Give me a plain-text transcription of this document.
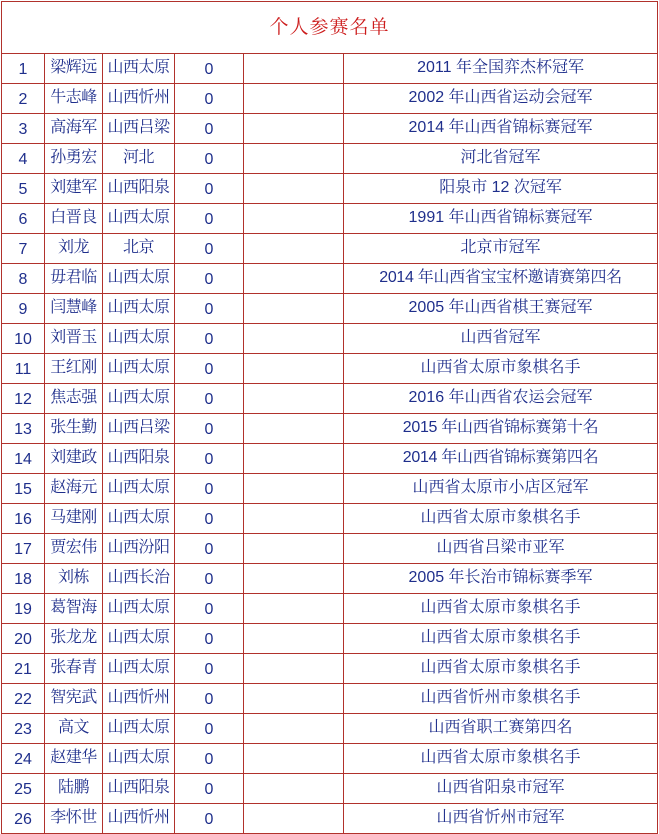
个人参赛名单					
1	梁辉远	山西太原	0		2011 年全国弈杰杯冠军
2	牛志峰	山西忻州	0		2002 年山西省运动会冠军
3	高海军	山西吕梁	0		2014 年山西省锦标赛冠军
4	孙勇宏	河北	0		河北省冠军
5	刘建军	山西阳泉	0		阳泉市 12 次冠军
6	白晋良	山西太原	0		1991 年山西省锦标赛冠军
7	刘龙	北京	0		北京市冠军
8	毋君临	山西太原	0		2014 年山西省宝宝杯邀请赛第四名
9	闫慧峰	山西太原	0		2005 年山西省棋王赛冠军
10	刘晋玉	山西太原	0		山西省冠军
11	王红刚	山西太原	0		山西省太原市象棋名手
12	焦志强	山西太原	0		2016 年山西省农运会冠军
13	张生勤	山西吕梁	0		2015 年山西省锦标赛第十名
14	刘建政	山西阳泉	0		2014 年山西省锦标赛第四名
15	赵海元	山西太原	0		山西省太原市小店区冠军
16	马建刚	山西太原	0		山西省太原市象棋名手
17	贾宏伟	山西汾阳	0		山西省吕梁市亚军
18	刘栋	山西长治	0		2005 年长治市锦标赛季军
19	葛智海	山西太原	0		山西省太原市象棋名手
20	张龙龙	山西太原	0		山西省太原市象棋名手
21	张春青	山西太原	0		山西省太原市象棋名手
22	智宪武	山西忻州	0		山西省忻州市象棋名手
23	高文	山西太原	0		山西省职工赛第四名
24	赵建华	山西太原	0		山西省太原市象棋名手
25	陆鹏	山西阳泉	0		山西省阳泉市冠军
26	李怀世	山西忻州	0		山西省忻州市冠军
